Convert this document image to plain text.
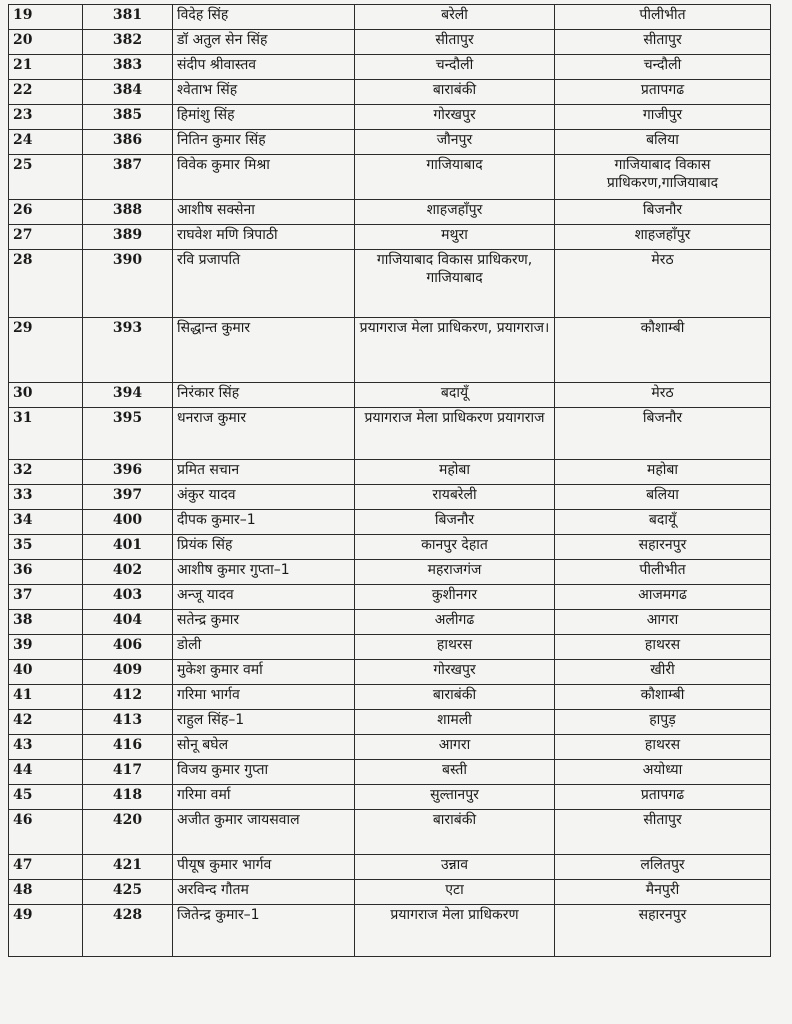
19	381	विदेह सिंह	बरेली	पीलीभीत
20	382	डॉ अतुल सेन सिंह	सीतापुर	सीतापुर
21	383	संदीप श्रीवास्तव	चन्दौली	चन्दौली
22	384	श्वेताभ सिंह	बाराबंकी	प्रतापगढ
23	385	हिमांशु सिंह	गोरखपुर	गाजीपुर
24	386	नितिन कुमार सिंह	जौनपुर	बलिया
25	387	विवेक कुमार मिश्रा	गाजियाबाद	गाजियाबाद विकास प्राधिकरण,गाजियाबाद
26	388	आशीष सक्सेना	शाहजहाँपुर	बिजनौर
27	389	राघवेश मणि त्रिपाठी	मथुरा	शाहजहाँपुर
28	390	रवि प्रजापति	गाजियाबाद विकास प्राधिकरण, गाजियाबाद	मेरठ
29	393	सिद्धान्त कुमार	प्रयागराज मेला प्राधिकरण, प्रयागराज।	कौशाम्बी
30	394	निरंकार सिंह	बदायूँ	मेरठ
31	395	धनराज कुमार	प्रयागराज मेला प्राधिकरण प्रयागराज	बिजनौर
32	396	प्रमित सचान	महोबा	महोबा
33	397	अंकुर यादव	रायबरेली	बलिया
34	400	दीपक कुमार–1	बिजनौर	बदायूँ
35	401	प्रियंक सिंह	कानपुर देहात	सहारनपुर
36	402	आशीष कुमार गुप्ता–1	महराजगंज	पीलीभीत
37	403	अन्जू यादव	कुशीनगर	आजमगढ
38	404	सतेन्द्र कुमार	अलीगढ	आगरा
39	406	डोली	हाथरस	हाथरस
40	409	मुकेश कुमार वर्मा	गोरखपुर	खीरी
41	412	गरिमा भार्गव	बाराबंकी	कौशाम्बी
42	413	राहुल सिंह–1	शामली	हापुड़
43	416	सोनू बघेल	आगरा	हाथरस
44	417	विजय कुमार गुप्ता	बस्ती	अयोध्या
45	418	गरिमा वर्मा	सुल्तानपुर	प्रतापगढ
46	420	अजीत कुमार जायसवाल	बाराबंकी	सीतापुर
47	421	पीयूष कुमार भार्गव	उन्नाव	ललितपुर
48	425	अरविन्द गौतम	एटा	मैनपुरी
49	428	जितेन्द्र कुमार–1	प्रयागराज मेला प्राधिकरण	सहारनपुर
